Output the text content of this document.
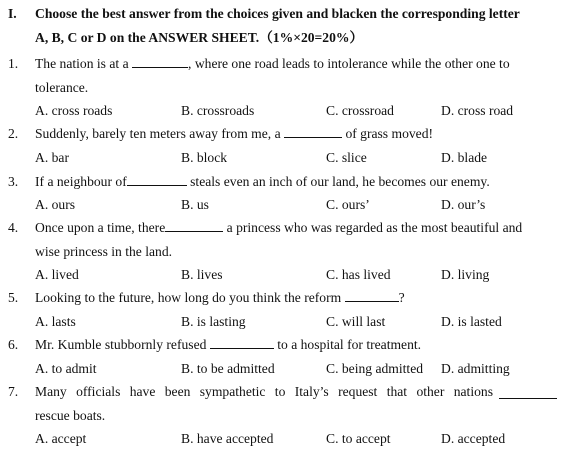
I. Choose the best answer from the choices given and blacken the corresponding letter
A, B, C or D on the ANSWER SHEET.（1%×20=20%）
1. The nation is at a	, where one road leads to intolerance while the other one to
tolerance.
A. cross roads	B. crossroads	C. crossroad	D. cross road
2. Suddenly, barely ten meters away from me, a	of grass moved!
A. bar	B. block	C. slice	D. blade
3. If a neighbour of	steals even an inch of our land, he becomes our enemy.
A. ours	B. us	C. ours’	D. our’s
4. Once upon a time, there	a princess who was regarded as the most beautiful and
wise princess in the land.
A. lived	B. lives	C. has lived	D. living
5. Looking to the future, how long do you think the reform	?
A. lasts	B. is lasting	C. will last	D. is lasted
6. Mr. Kumble stubbornly refused	to a hospital for treatment.
A. to admit	B. to be admitted	C. being admitted D. admitting
7. Many officials have been sympathetic to Italy’s request that other nations
rescue boats.
A. accept	B. have accepted	C. to accept	D. accepted
